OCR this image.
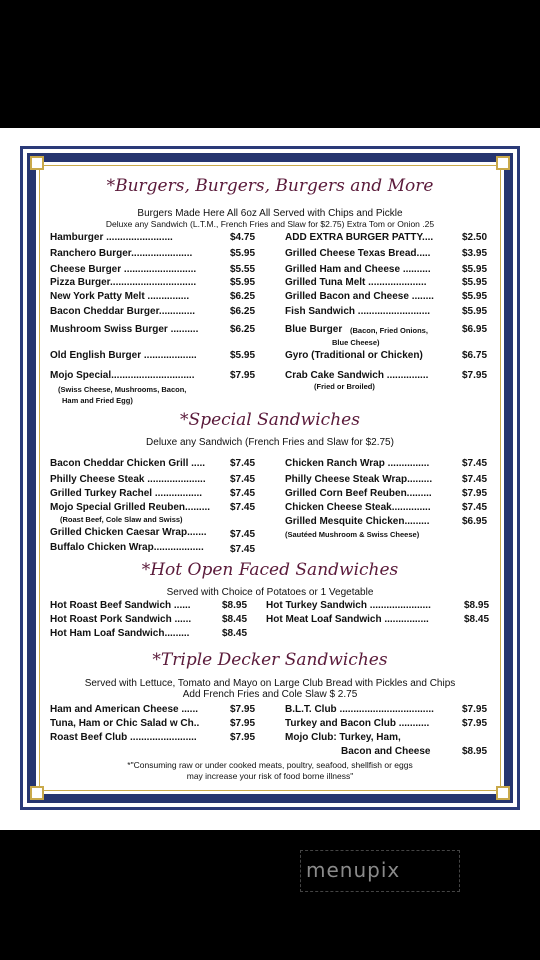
*Burgers, Burgers, Burgers and More
Burgers Made Here All 6oz All Served with Chips and Pickle
Deluxe any Sandwich (L.T.M., French Fries and Slaw for $2.75) Extra Tom or Onion .25
Hamburger ........................	$4.75
Ranchero Burger......................	$5.95
Cheese Burger ..........................	$5.55
Pizza Burger...............................	$5.95
New York Patty Melt ...............	$6.25
Bacon Cheddar Burger.............	$6.25
Mushroom Swiss Burger ..........	$6.25
Old English Burger ...................	$5.95
Mojo Special..............................	$7.95
(Swiss Cheese, Mushrooms, Bacon,
Ham and Fried Egg)
ADD EXTRA BURGER PATTY....	$2.50
Grilled Cheese Texas Bread.....	$3.95
Grilled Ham and Cheese ..........	$5.95
Grilled Tuna Melt .....................	$5.95
Grilled Bacon and Cheese ........	$5.95
Fish Sandwich ..........................	$5.95
Blue Burger (Bacon, Fried Onions,	$6.95
Blue Cheese)
Gyro (Traditional or Chicken)	$6.75
Crab Cake Sandwich ...............	$7.95
(Fried or Broiled)
*Special Sandwiches
Deluxe any Sandwich (French Fries and Slaw for $2.75)
Bacon Cheddar Chicken Grill ..... $7.45
Philly Cheese Steak ..................... $7.45
Grilled Turkey Rachel .................	$7.45
Mojo Special Grilled Reuben......... $7.45
(Roast Beef, Cole Slaw and Swiss)
Grilled Chicken Caesar Wrap....... $7.45
Buffalo Chicken Wrap..................	$7.45
Chicken Ranch Wrap ...............	$7.45
Philly Cheese Steak Wrap.........	$7.45
Grilled Corn Beef Reuben.........	$7.95
Chicken Cheese Steak..............	$7.45
Grilled Mesquite Chicken.........	$6.95
(Sautéed Mushroom & Swiss Cheese)
*Hot Open Faced Sandwiches
Served with Choice of Potatoes or 1 Vegetable
Hot Roast Beef Sandwich ......	$8.95
Hot Roast Pork Sandwich ......	$8.45
Hot Ham Loaf Sandwich.........	$8.45
Hot Turkey Sandwich ......................	$8.95
Hot Meat Loaf Sandwich ................	$8.45
*Triple Decker Sandwiches
Served with Lettuce, Tomato and Mayo on Large Club Bread with Pickles and Chips
Add French Fries and Cole Slaw $ 2.75
Ham and American Cheese ......	$7.95
Tuna, Ham or Chic Salad w Ch..	$7.95
Roast Beef Club ........................	$7.95
B.L.T. Club ..................................	$7.95
Turkey and Bacon Club ...........	$7.95
Mojo Club: Turkey, Ham,
Bacon and Cheese	$8.95
*"Consuming raw or under cooked meats, poultry, seafood, shellfish or eggs
may increase your risk of food borne illness"
menupix
